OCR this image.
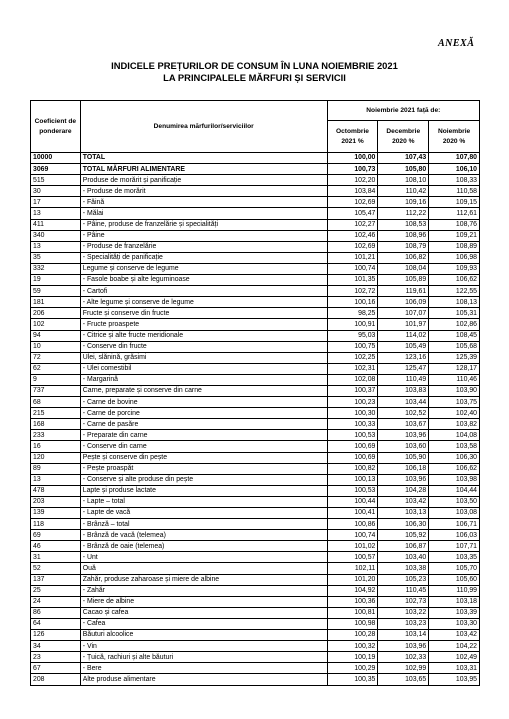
ANEXĂ
INDICELE PREȚURILOR DE CONSUM ÎN LUNA NOIEMBRIE 2021
LA PRINCIPALELE MĂRFURI ȘI SERVICII
Coeficient de ponderare	Denumirea mărfurilor/serviciilor	Noiembrie 2021 față de:		
		Octombrie 2021 %	Decembrie 2020 %	Noiembrie 2020 %
10000	TOTAL	100,00	107,43	107,80
3069	TOTAL MĂRFURI ALIMENTARE	100,73	105,80	106,10
515	Produse de morărit și panificație	102,20	108,10	108,33
30	- Produse de morărit	103,84	110,42	110,58
17	- Făină	102,69	109,16	109,15
13	- Mălai	105,47	112,22	112,61
411	- Pâine, produse de franzelărie și specialități	102,27	108,53	108,76
340	- Pâine	102,46	108,96	109,21
13	- Produse de franzelărie	102,69	108,79	108,89
35	- Specialități de panificație	101,21	106,82	106,98
332	Legume și conserve de legume	100,74	108,04	109,93
19	- Fasole boabe și alte leguminoase	101,35	105,89	106,62
59	- Cartofi	102,72	119,61	122,55
181	- Alte legume și conserve de legume	100,16	106,09	108,13
206	Fructe și conserve din fructe	98,25	107,07	105,31
102	- Fructe proaspete	100,91	101,97	102,86
94	- Citrice și alte fructe meridionale	95,03	114,02	108,45
10	- Conserve din fructe	100,75	105,49	105,68
72	Ulei, slănină, grăsimi	102,25	123,16	125,39
62	- Ulei comestibil	102,31	125,47	128,17
9	- Margarină	102,08	110,49	110,46
737	Carne, preparate și conserve din carne	100,37	103,83	103,90
68	- Carne de bovine	100,23	103,44	103,75
215	- Carne de porcine	100,30	102,52	102,40
168	- Carne de pasăre	100,33	103,67	103,82
233	- Preparate din carne	100,53	103,96	104,08
16	- Conserve din carne	100,69	103,60	103,58
120	Pește și conserve din pește	100,69	105,90	106,30
89	- Pește proaspăt	100,82	106,18	106,62
13	- Conserve și alte produse din pește	100,13	103,96	103,98
478	Lapte și produse lactate	100,53	104,28	104,44
203	- Lapte – total	100,44	103,42	103,50
139	- Lapte de vacă	100,41	103,13	103,08
118	- Brânză – total	100,86	106,30	106,71
69	- Brânză de vacă (telemea)	100,74	105,92	106,03
46	- Brânză de oaie (telemea)	101,02	106,87	107,71
31	- Unt	100,57	103,40	103,35
52	Ouă	102,11	103,38	105,70
137	Zahăr, produse zaharoase și miere de albine	101,20	105,23	105,60
25	- Zahăr	104,92	110,45	110,99
24	- Miere de albine	100,36	102,73	103,18
86	Cacao și cafea	100,81	103,22	103,39
64	- Cafea	100,98	103,23	103,30
126	Băuturi alcoolice	100,28	103,14	103,42
34	- Vin	100,32	103,96	104,22
23	- Țuică, rachiuri și alte băuturi	100,19	102,33	102,49
67	- Bere	100,29	102,99	103,31
208	Alte produse alimentare	100,35	103,65	103,95
